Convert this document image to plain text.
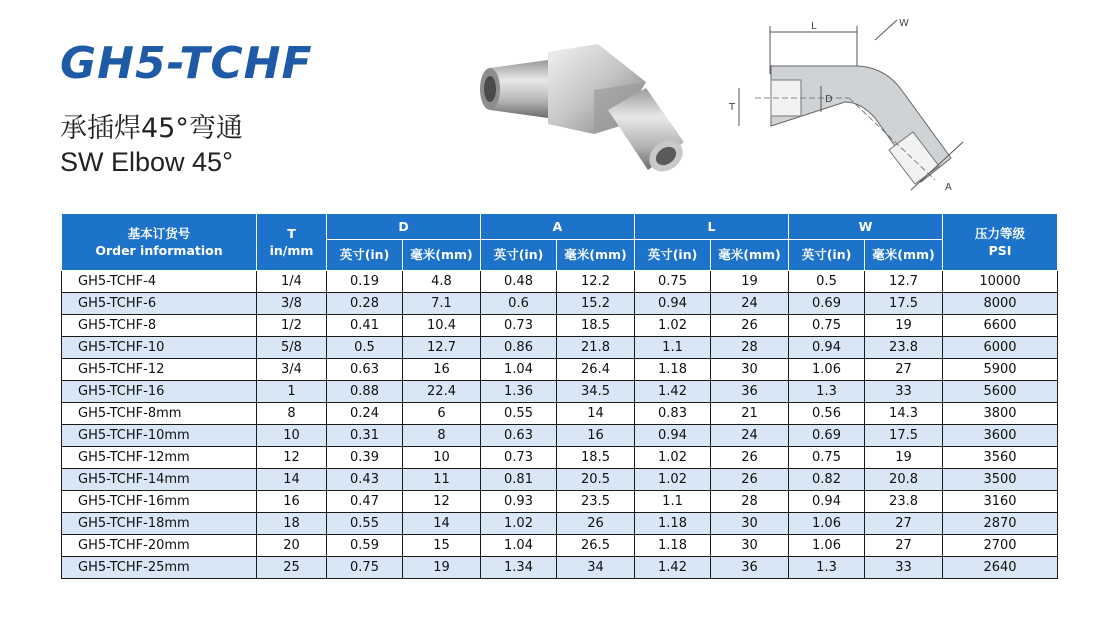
GH5-TCHF

承插焊45°弯通

SW Elbow 45°

L	W
D
T
A
基本订货号
Order information	T
in/mm	D		A		L		W		压力等级
PSI
		英寸(in)	毫米(mm)	英寸(in)	毫米(mm)	英寸(in)	毫米(mm)	英寸(in)	毫米(mm)	
GH5-TCHF-4	1/4	0.19	4.8	0.48	12.2	0.75	19	0.5	12.7	10000
GH5-TCHF-6	3/8	0.28	7.1	0.6	15.2	0.94	24	0.69	17.5	8000
GH5-TCHF-8	1/2	0.41	10.4	0.73	18.5	1.02	26	0.75	19	6600
GH5-TCHF-10	5/8	0.5	12.7	0.86	21.8	1.1	28	0.94	23.8	6000
GH5-TCHF-12	3/4	0.63	16	1.04	26.4	1.18	30	1.06	27	5900
GH5-TCHF-16	1	0.88	22.4	1.36	34.5	1.42	36	1.3	33	5600
GH5-TCHF-8mm	8	0.24	6	0.55	14	0.83	21	0.56	14.3	3800
GH5-TCHF-10mm	10	0.31	8	0.63	16	0.94	24	0.69	17.5	3600
GH5-TCHF-12mm	12	0.39	10	0.73	18.5	1.02	26	0.75	19	3560
GH5-TCHF-14mm	14	0.43	11	0.81	20.5	1.02	26	0.82	20.8	3500
GH5-TCHF-16mm	16	0.47	12	0.93	23.5	1.1	28	0.94	23.8	3160
GH5-TCHF-18mm	18	0.55	14	1.02	26	1.18	30	1.06	27	2870
GH5-TCHF-20mm	20	0.59	15	1.04	26.5	1.18	30	1.06	27	2700
GH5-TCHF-25mm	25	0.75	19	1.34	34	1.42	36	1.3	33	2640
